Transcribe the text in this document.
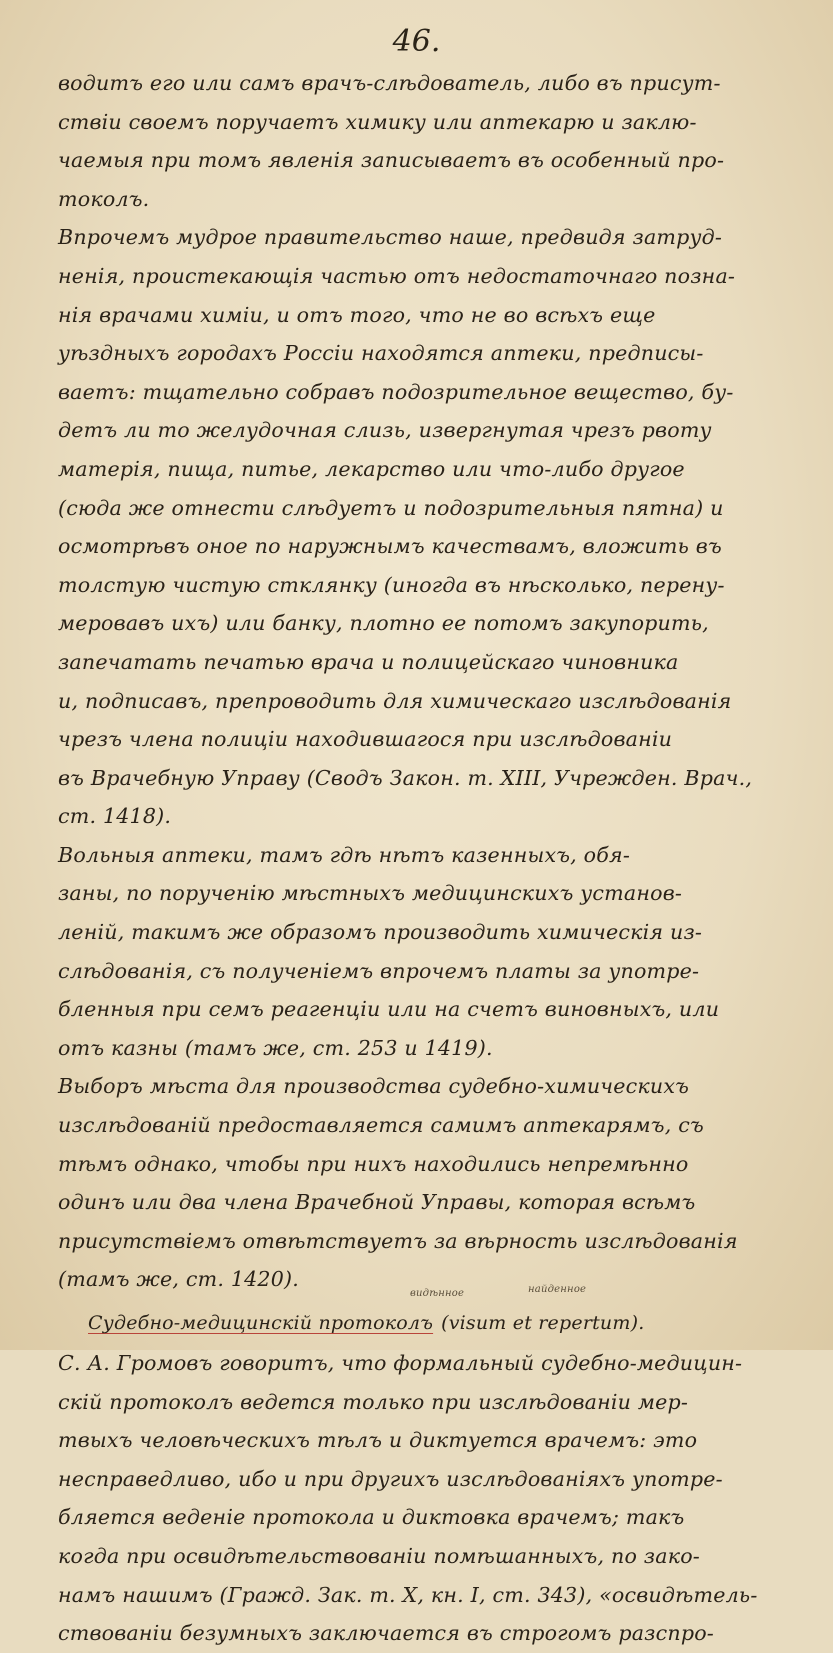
46.
водитъ его или самъ врачъ-слѣдователь, либо въ присут-
ствіи своемъ поручаетъ химику или аптекарю и заклю-
чаемыя при томъ явленія записываетъ въ особенный про-
токолъ.
Впрочемъ мудрое правительство наше, предвидя затруд-
ненія, проистекающія частью отъ недостаточнаго позна-
нія врачами химіи, и отъ того, что не во всѣхъ еще
уѣздныхъ городахъ Россіи находятся аптеки, предписы-
ваетъ: тщательно собравъ подозрительное вещество, бу-
детъ ли то желудочная слизь, извергнутая чрезъ рвоту
матерія, пища, питье, лекарство или что-либо другое
(сюда же отнести слѣдуетъ и подозрительныя пятна) и
осмотрѣвъ оное по наружнымъ качествамъ, вложить въ
толстую чистую стклянку (иногда въ нѣсколько, перену-
меровавъ ихъ) или банку, плотно ее потомъ закупорить,
запечатать печатью врача и полицейскаго чиновника
и, подписавъ, препроводить для химическаго изслѣдованія
чрезъ члена полиціи находившагося при изслѣдованіи
въ Врачебную Управу (Сводъ Закон. т. XIII, Учрежден. Врач.,
ст. 1418).
Вольныя аптеки, тамъ гдѣ нѣтъ казенныхъ, обя-
заны, по порученію мѣстныхъ медицинскихъ установ-
леній, такимъ же образомъ производить химическія из-
слѣдованія, съ полученіемъ впрочемъ платы за употре-
бленныя при семъ реагенціи или на счетъ виновныхъ, или
отъ казны (тамъ же, ст. 253 и 1419).
Выборъ мѣста для производства судебно-химическихъ
изслѣдованій предоставляется самимъ аптекарямъ, съ
тѣмъ однако, чтобы при нихъ находились непремѣнно
одинъ или два члена Врачебной Управы, которая всѣмъ
присутствіемъ отвѣтствуетъ за вѣрность изслѣдованія
(тамъ же, ст. 1420).
Судебно-медицинскій протоколъ (visum et repertum).
видѣнное	найденное
С. А. Громовъ говоритъ, что формальный судебно-медицин-
скій протоколъ ведется только при изслѣдованіи мер-
твыхъ человѣческихъ тѣлъ и диктуется врачемъ: это
несправедливо, ибо и при другихъ изслѣдованіяхъ употре-
бляется веденіе протокола и диктовка врачемъ; такъ
когда при освидѣтельствованіи помѣшанныхъ, по зако-
намъ нашимъ (Гражд. Зак. т. X, кн. I, ст. 343), «освидѣтель-
ствованіи безумныхъ заключается въ строгомъ разспро-
